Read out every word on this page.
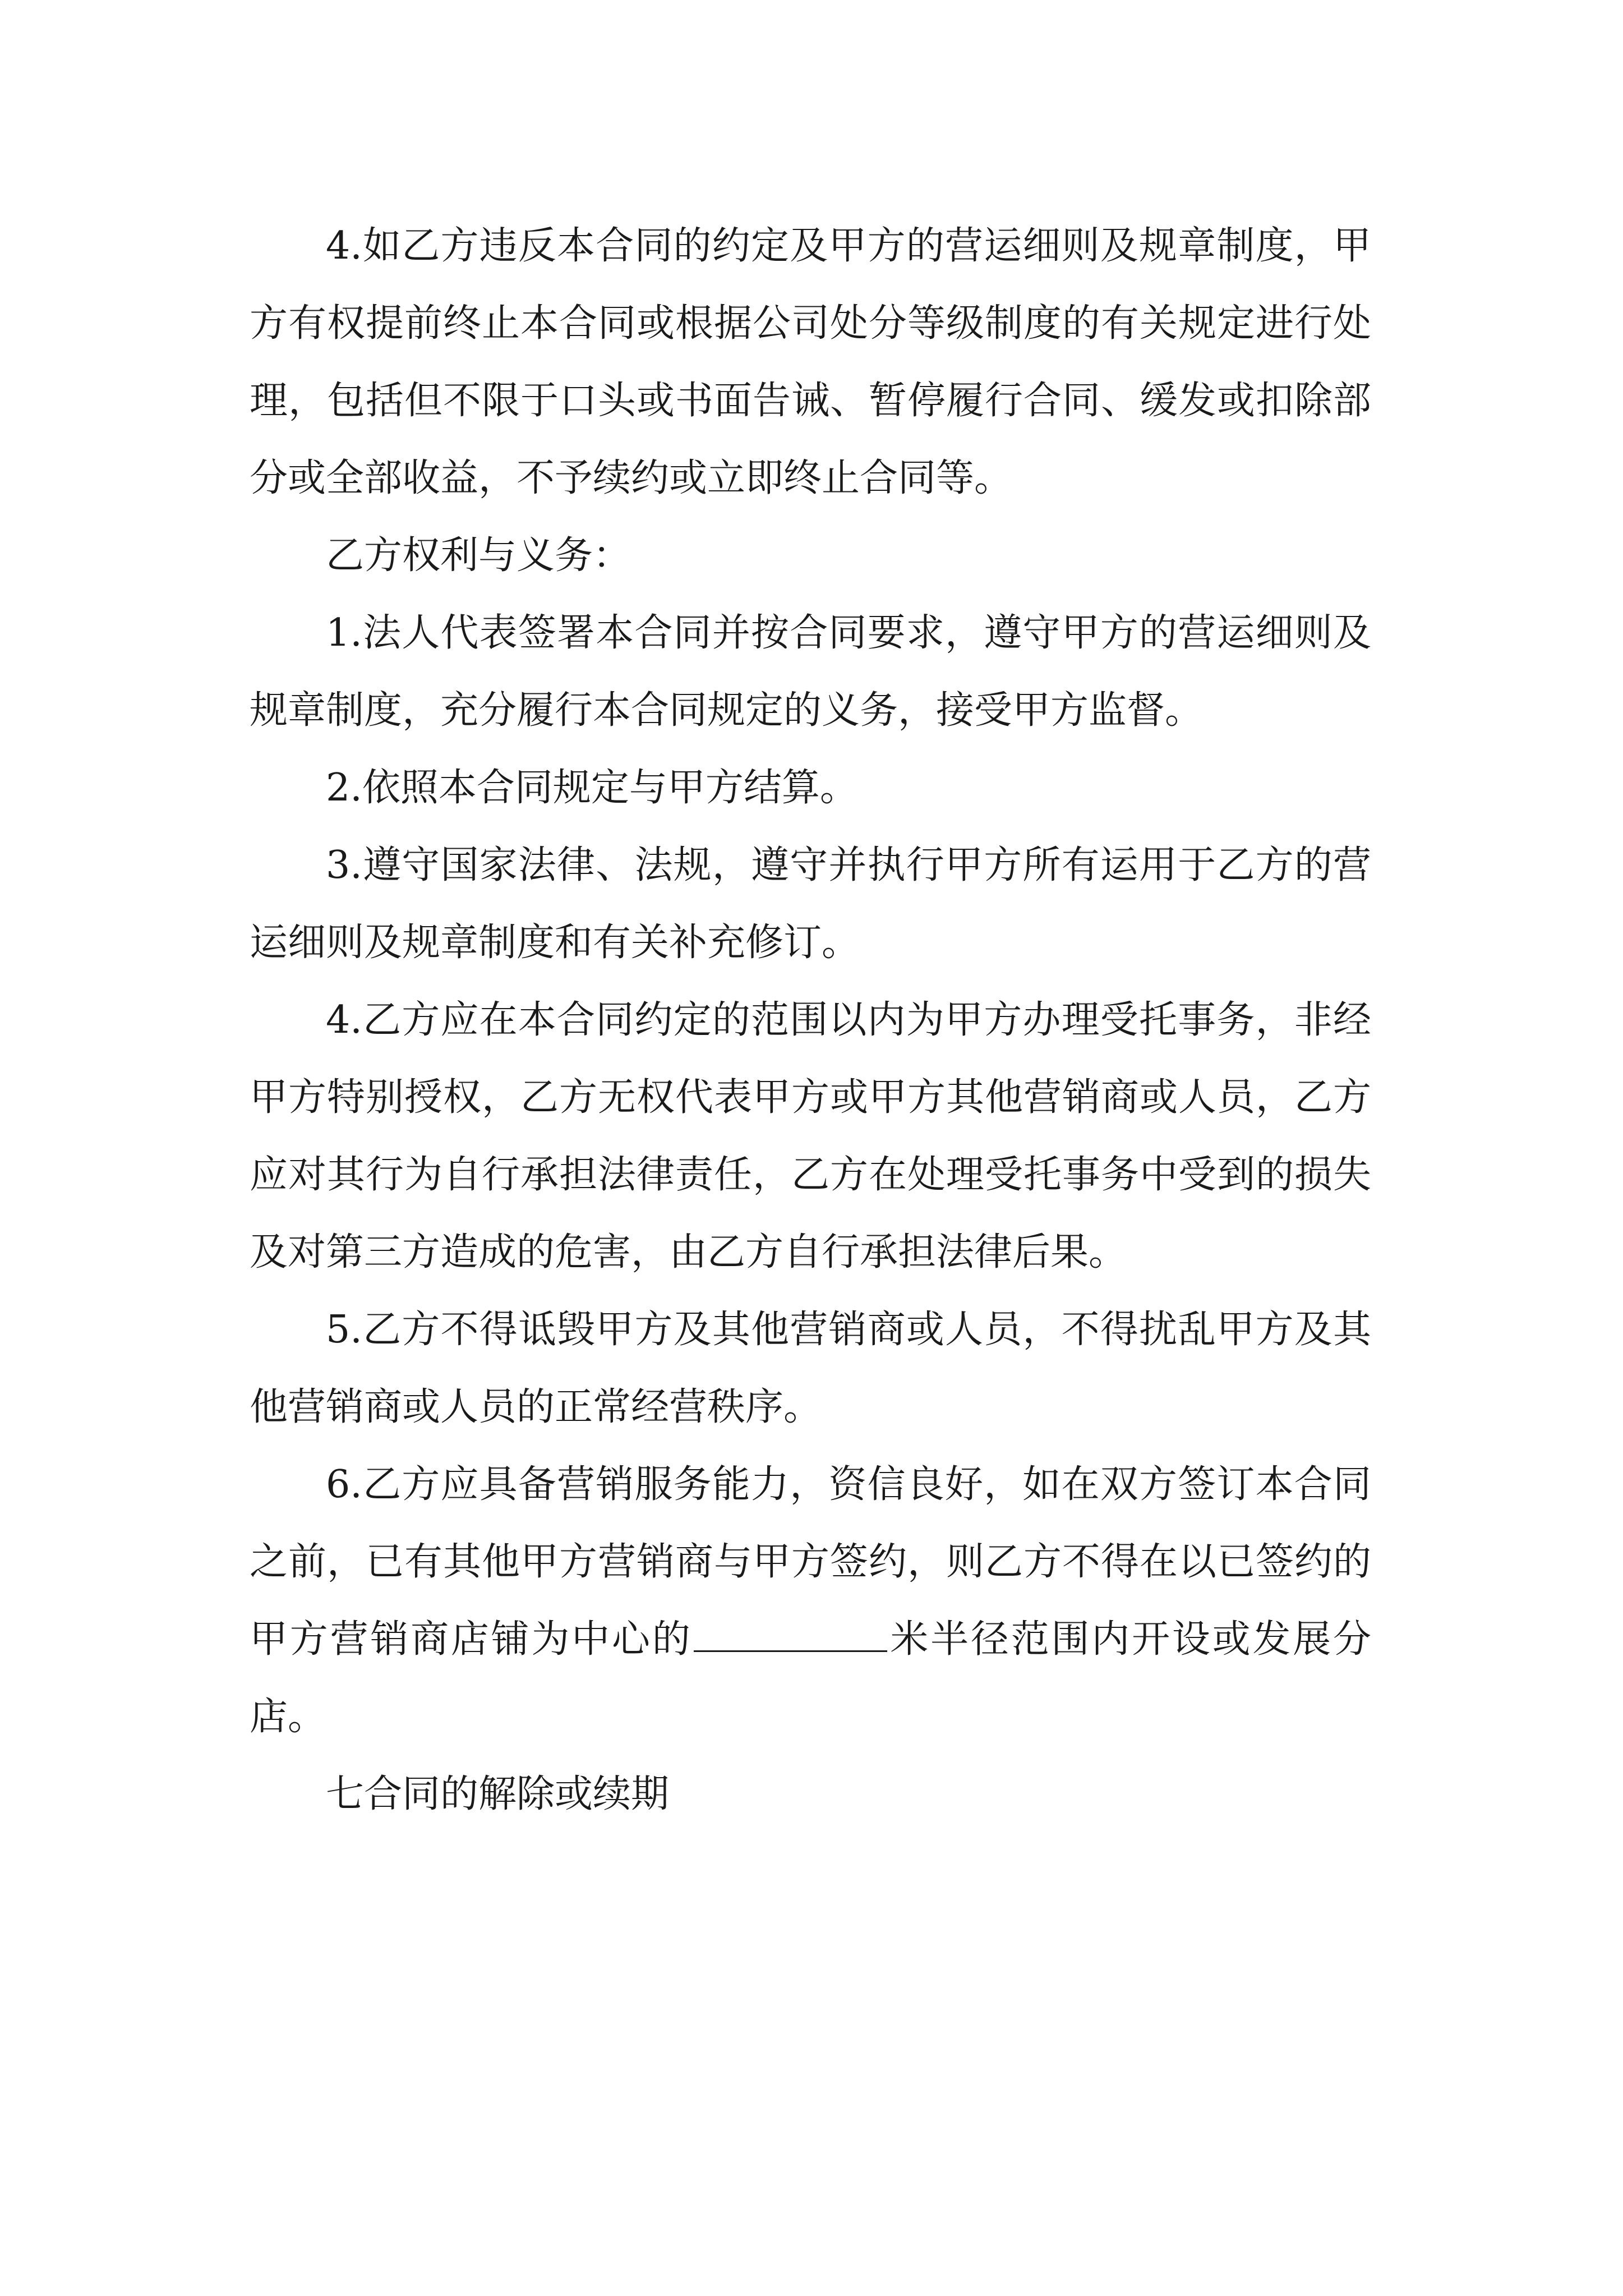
4.如乙方违反本合同的约定及甲方的营运细则及规章制度，甲方有权提前终止本合同或根据公司处分等级制度的有关规定进行处理，包括但不限于口头或书面告诫、暂停履行合同、缓发或扣除部分或全部收益，不予续约或立即终止合同等。

乙方权利与义务：

1.法人代表签署本合同并按合同要求，遵守甲方的营运细则及规章制度，充分履行本合同规定的义务，接受甲方监督。

2.依照本合同规定与甲方结算。

3.遵守国家法律、法规，遵守并执行甲方所有运用于乙方的营运细则及规章制度和有关补充修订。

4.乙方应在本合同约定的范围以内为甲方办理受托事务，非经甲方特别授权，乙方无权代表甲方或甲方其他营销商或人员，乙方应对其行为自行承担法律责任，乙方在处理受托事务中受到的损失及对第三方造成的危害，由乙方自行承担法律后果。

5.乙方不得诋毁甲方及其他营销商或人员，不得扰乱甲方及其他营销商或人员的正常经营秩序。

6.乙方应具备营销服务能力，资信良好，如在双方签订本合同之前，已有其他甲方营销商与甲方签约，则乙方不得在以已签约的甲方营销商店铺为中心的	米半径范围内开设或发展分店。

七合同的解除或续期
